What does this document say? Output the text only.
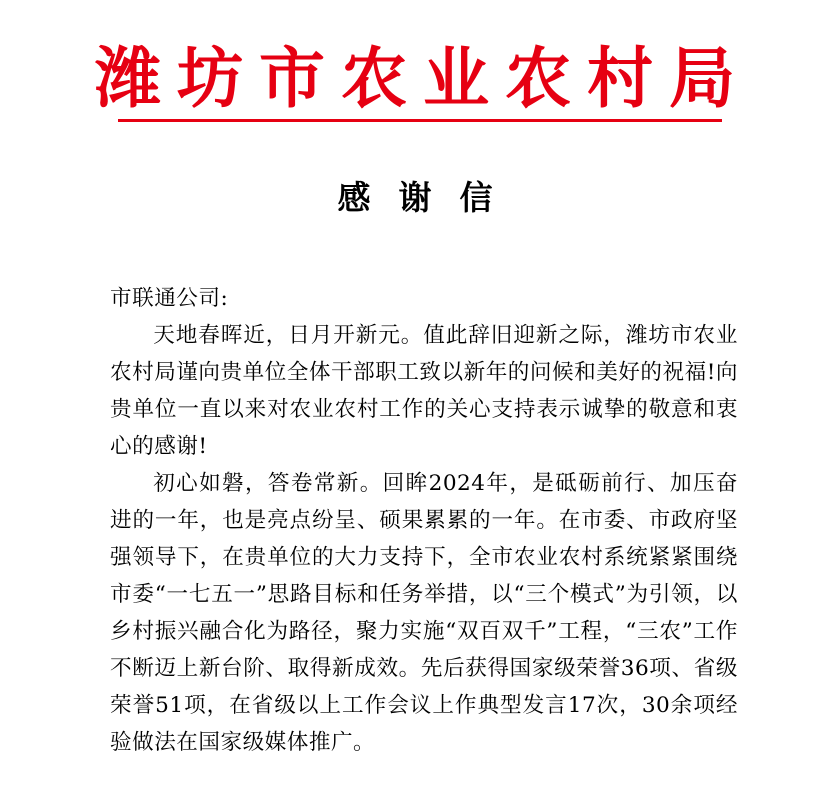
潍坊市农业农村局
感谢信

市联通公司:

天地春晖近，日月开新元。值此辞旧迎新之际，潍坊市农业农村局谨向贵单位全体干部职工致以新年的问候和美好的祝福!向贵单位一直以来对农业农村工作的关心支持表示诚挚的敬意和衷心的感谢!

初心如磐，答卷常新。回眸2024年，是砥砺前行、加压奋进的一年，也是亮点纷呈、硕果累累的一年。在市委、市政府坚强领导下，在贵单位的大力支持下，全市农业农村系统紧紧围绕市委“一七五一”思路目标和任务举措，以“三个模式”为引领，以乡村振兴融合化为路径，聚力实施“双百双千”工程，“三农”工作不断迈上新台阶、取得新成效。先后获得国家级荣誉36项、省级荣誉51项，在省级以上工作会议上作典型发言17次，30余项经验做法在国家级媒体推广。
